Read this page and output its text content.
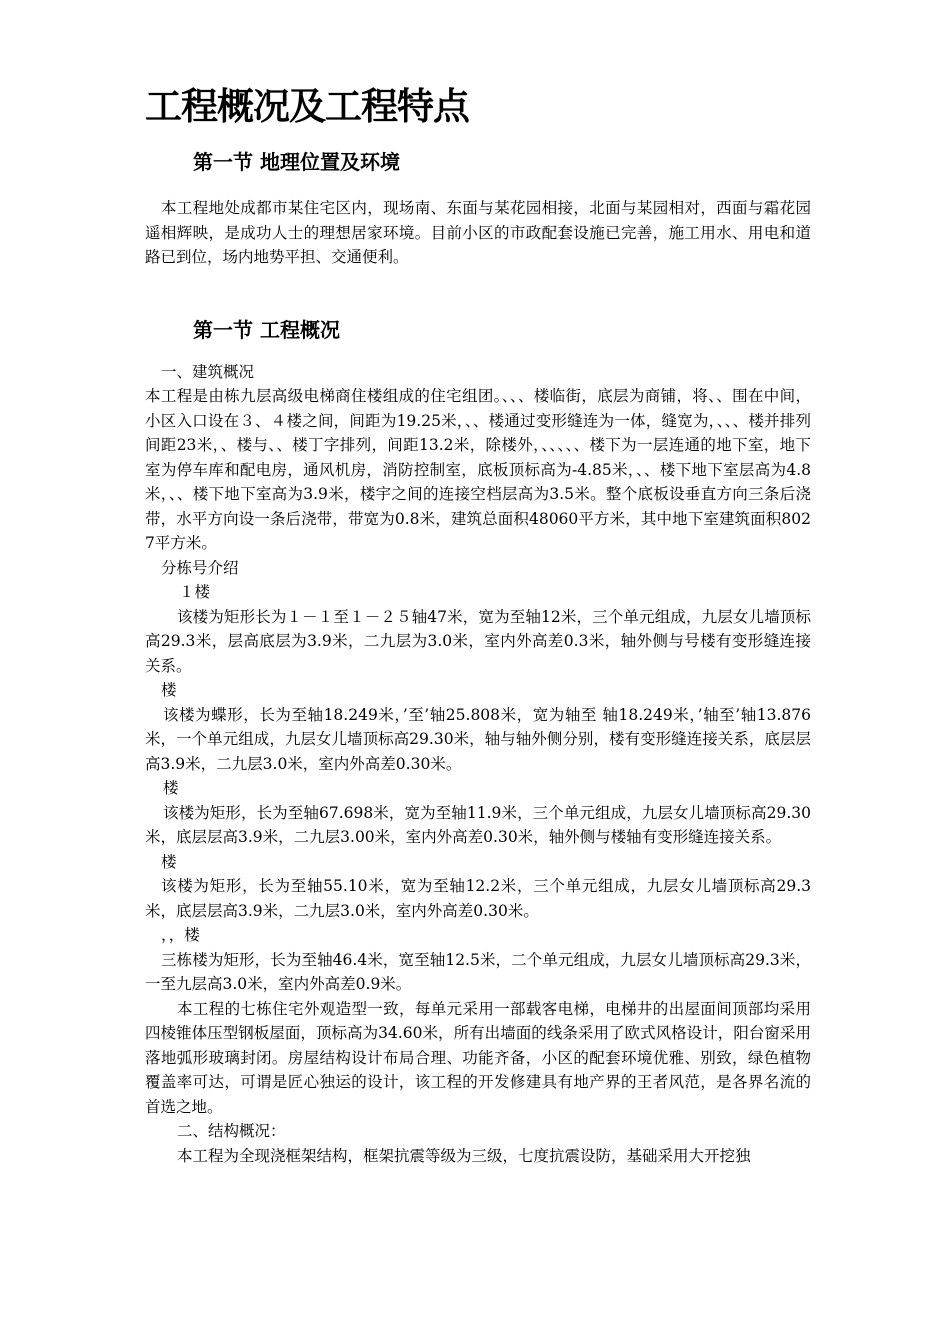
工程概况及工程特点
第一节 地理位置及环境

本工程地处成都市某住宅区内，现场南、东面与某花园相接，北面与某园相对，西面与霜花园遥相辉映，是成功人士的理想居家环境。目前小区的市政配套设施已完善，施工用水、用电和道路已到位，场内地势平担、交通便利。

第一节 工程概况

一、建筑概况

本工程是由栋九层高级电梯商住楼组成的住宅组团。、、、楼临街，底层为商铺，将、、围在中间，小区入口设在３、４楼之间，间距为19.25米，、、楼通过变形缝连为一体，缝宽为，、、、楼并排列间距23米，、楼与、、楼丁字排列，间距13.2米，除楼外，、、、、、楼下为一层连通的地下室，地下室为停车库和配电房，通风机房，消防控制室，底板顶标高为-4.85米，、、楼下地下室层高为4.8米，、、楼下地下室高为3.9米，楼宇之间的连接空档层高为3.5米。整个底板设垂直方向三条后浇带，水平方向设一条后浇带，带宽为0.8米，建筑总面积48060平方米，其中地下室建筑面积8027平方米。

分栋号介绍

１楼

该楼为矩形长为１－１至１－２５轴47米，宽为至轴12米，三个单元组成，九层女儿墙顶标高29.3米，层高底层为3.9米，二九层为3.0米，室内外高差0.3米，轴外侧与号楼有变形缝连接关系。

楼

该楼为蝶形，长为至轴18.249米，’至’轴25.808米，宽为轴至 轴18.249米，’轴至’轴13.876米，一个单元组成，九层女儿墙顶标高29.30米，轴与轴外侧分别，楼有变形缝连接关系，底层层高3.9米，二九层3.0米，室内外高差0.30米。

楼

该楼为矩形，长为至轴67.698米，宽为至轴11.9米，三个单元组成，九层女儿墙顶标高29.30米，底层层高3.9米，二九层3.00米，室内外高差0.30米，轴外侧与楼轴有变形缝连接关系。

楼

该楼为矩形，长为至轴55.10米，宽为至轴12.2米，三个单元组成，九层女儿墙顶标高29.3米，底层层高3.9米，二九层3.0米，室内外高差0.30米。

，，楼

三栋楼为矩形，长为至轴46.4米，宽至轴12.5米，二个单元组成，九层女儿墙顶标高29.3米，一至九层高3.0米，室内外高差0.9米。

本工程的七栋住宅外观造型一致，每单元采用一部载客电梯，电梯井的出屋面间顶部均采用四棱锥体压型钢板屋面，顶标高为34.60米，所有出墙面的线条采用了欧式风格设计，阳台窗采用落地弧形玻璃封闭。房屋结构设计布局合理、功能齐备，小区的配套环境优雅、别致，绿色植物覆盖率可达，可谓是匠心独运的设计，该工程的开发修建具有地产界的王者风范，是各界名流的首选之地。

二、结构概况：

本工程为全现浇框架结构，框架抗震等级为三级，七度抗震设防，基础采用大开挖独
